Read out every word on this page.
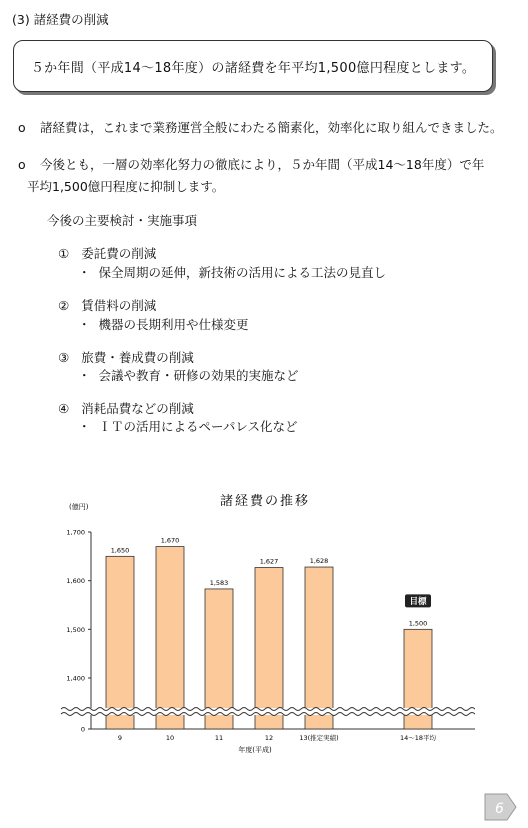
(3) 諸経費の削減
５か年間（平成14～18年度）の諸経費を年平均1,500億円程度とします。
o 諸経費は，これまで業務運営全般にわたる簡素化，効率化に取り組んできました。
o 今後とも，一層の効率化努力の徹底により，５か年間（平成14～18年度）で年
平均1,500億円程度に抑制します。
今後の主要検討・実施事項
① 委託費の削減
・ 保全周期の延伸，新技術の活用による工法の見直し
② 賃借料の削減
・ 機器の長期利用や仕様変更
③ 旅費・養成費の削減
・ 会議や教育・研修の効果的実施など
④ 消耗品費などの削減
・ ＩＴの活用によるペーパレス化など
諸経費の推移
(億円)
年度(平成)
0
1,400
1,500
1,600
1,700
1,650
9
1,670
10
1,583
11
1,627
12
1,628
13(推定実績)
1,500
14～18平均
目標
6
